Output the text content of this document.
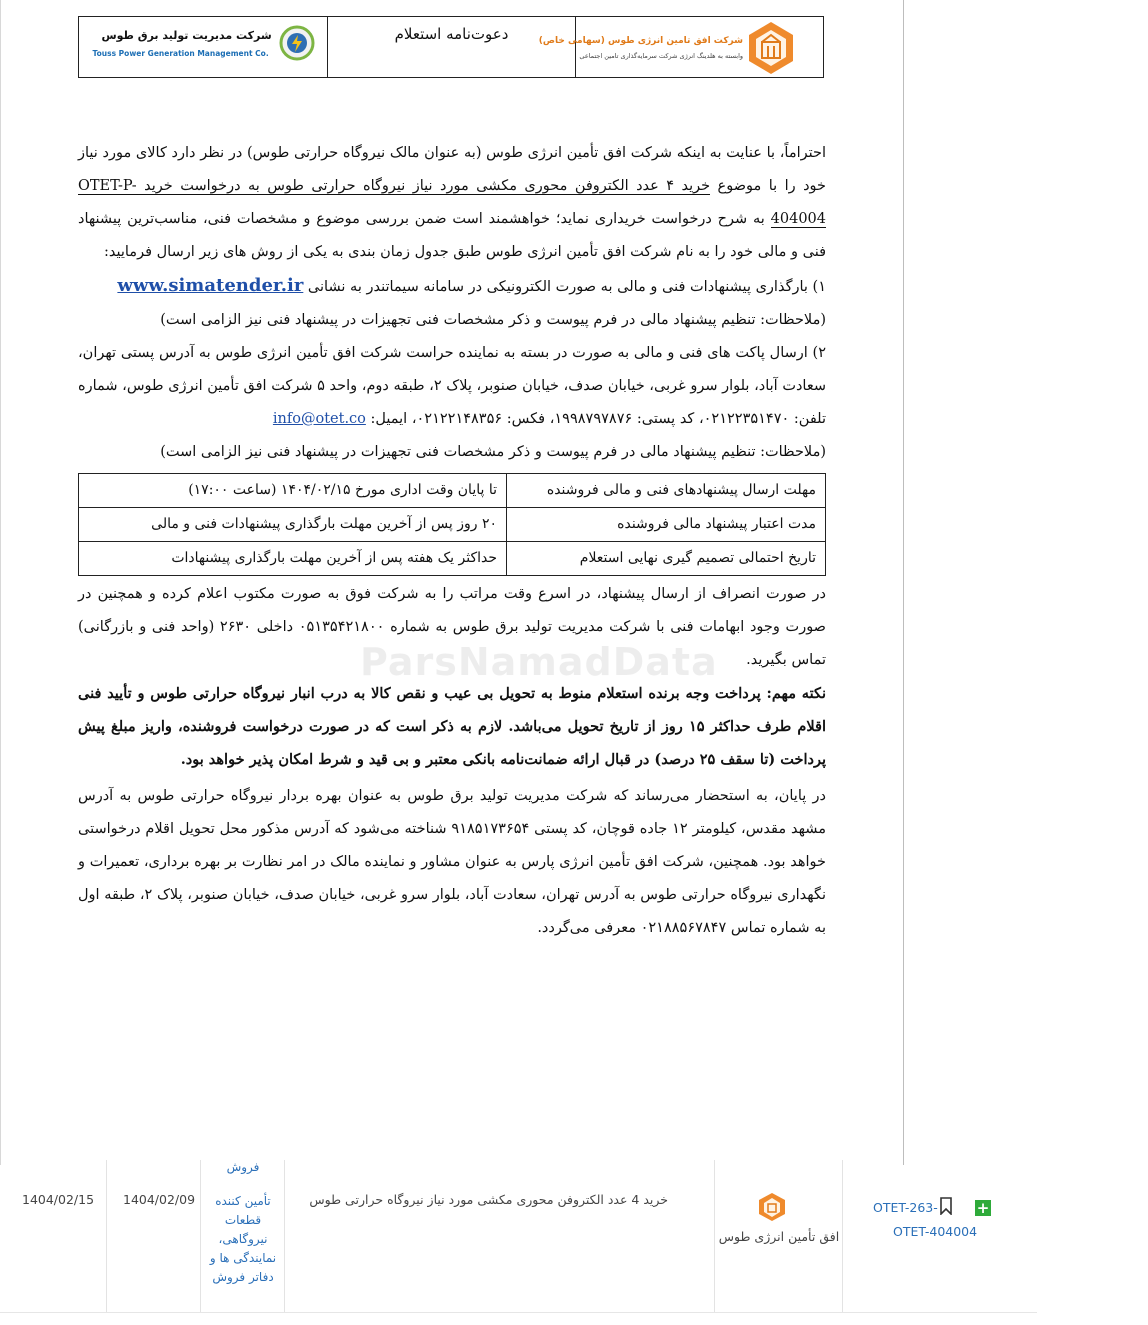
شرکت مدیریت تولید برق طوس
Touss Power Generation Management Co.
دعوت‌نامه استعلام	شرکت افق تامین انرژی طوس (سهامی خاص)
وابسته به هلدینگ انرژی شرکت سرمایه‌گذاری تامین اجتماعی
ParsNamadData

احتراماً، با عنایت به اینکه شرکت افق تأمین انرژی طوس (به عنوان مالک نیروگاه حرارتی طوس) در نظر دارد کالای مورد نیاز خود را با موضوع خرید ۴ عدد الکتروفن محوری مکشی مورد نیاز نیروگاه حرارتی طوس به درخواست خرید OTET-P-404004 به شرح درخواست خریداری نماید؛ خواهشمند است ضمن بررسی موضوع و مشخصات فنی، مناسب‌ترین پیشنهاد فنی و مالی خود را به نام شرکت افق تأمین انرژی طوس طبق جدول زمان بندی به یکی از روش های زیر ارسال فرمایید:

۱) بارگذاری پیشنهادات فنی و مالی به صورت الکترونیکی در سامانه سیماتندر به نشانی www.simatender.ir

(ملاحظات: تنظیم پیشنهاد مالی در فرم پیوست و ذکر مشخصات فنی تجهیزات در پیشنهاد فنی نیز الزامی است)

۲) ارسال پاکت های فنی و مالی به صورت در بسته به نماینده حراست شرکت افق تأمین انرژی طوس به آدرس پستی تهران، سعادت آباد، بلوار سرو غربی، خیابان صدف، خیابان صنوبر، پلاک ۲، طبقه دوم، واحد ۵ شرکت افق تأمین انرژی طوس، شماره تلفن: ۰۲۱۲۲۳۵۱۴۷۰، کد پستی: ۱۹۹۸۷۹۷۸۷۶، فکس: ۰۲۱۲۲۱۴۸۳۵۶، ایمیل: info@otet.co

(ملاحظات: تنظیم پیشنهاد مالی در فرم پیوست و ذکر مشخصات فنی تجهیزات در پیشنهاد فنی نیز الزامی است)

مهلت ارسال پیشنهادهای فنی و مالی فروشنده	تا پایان وقت اداری مورخ ۱۴۰۴/۰۲/۱۵ (ساعت ۱۷:۰۰)
مدت اعتبار پیشنهاد مالی فروشنده	۲۰ روز پس از آخرین مهلت بارگذاری پیشنهادات فنی و مالی
تاریخ احتمالی تصمیم گیری نهایی استعلام	حداکثر یک هفته پس از آخرین مهلت بارگذاری پیشنهادات

در صورت انصراف از ارسال پیشنهاد، در اسرع وقت مراتب را به شرکت فوق به صورت مکتوب اعلام کرده و همچنین در صورت وجود ابهامات فنی با شرکت مدیریت تولید برق طوس به شماره ۰۵۱۳۵۴۲۱۸۰۰ داخلی ۲۶۳۰ (واحد فنی و بازرگانی) تماس بگیرید.

نکته مهم: پرداخت وجه برنده استعلام منوط به تحویل بی عیب و نقص کالا به درب انبار نیروگاه حرارتی طوس و تأیید فنی اقلام طرف حداکثر ۱۵ روز از تاریخ تحویل می‌باشد. لازم به ذکر است که در صورت درخواست فروشنده، واریز مبلغ پیش پرداخت (تا سقف ۲۵ درصد) در قبال ارائه ضمانت‌نامه بانکی معتبر و بی قید و شرط امکان پذیر خواهد بود.

در پایان، به استحضار می‌رساند که شرکت مدیریت تولید برق طوس به عنوان بهره بردار نیروگاه حرارتی طوس به آدرس مشهد مقدس، کیلومتر ۱۲ جاده قوچان، کد پستی ۹۱۸۵۱۷۳۶۵۴ شناخته می‌شود که آدرس مذکور محل تحویل اقلام درخواستی خواهد بود. همچنین، شرکت افق تأمین انرژی پارس به عنوان مشاور و نماینده مالک در امر نظارت بر بهره برداری، تعمیرات و نگهداری نیروگاه حرارتی طوس به آدرس تهران، سعادت آباد، بلوار سرو غربی، خیابان صدف، خیابان صنوبر، پلاک ۲، طبقه اول به شماره تماس ۰۲۱۸۸۵۶۷۸۴۷ معرفی می‌گردد.

1404/02/15 1404/02/09
فروش
تأمین کننده قطعات نیروگاهی، نمایندگی ها و دفاتر فروش
خرید 4 عدد الکتروفن محوری مکشی مورد نیاز نیروگاه حرارتی طوس
افق تأمین انرژی طوس
OTET-263-
OTET-404004
+
